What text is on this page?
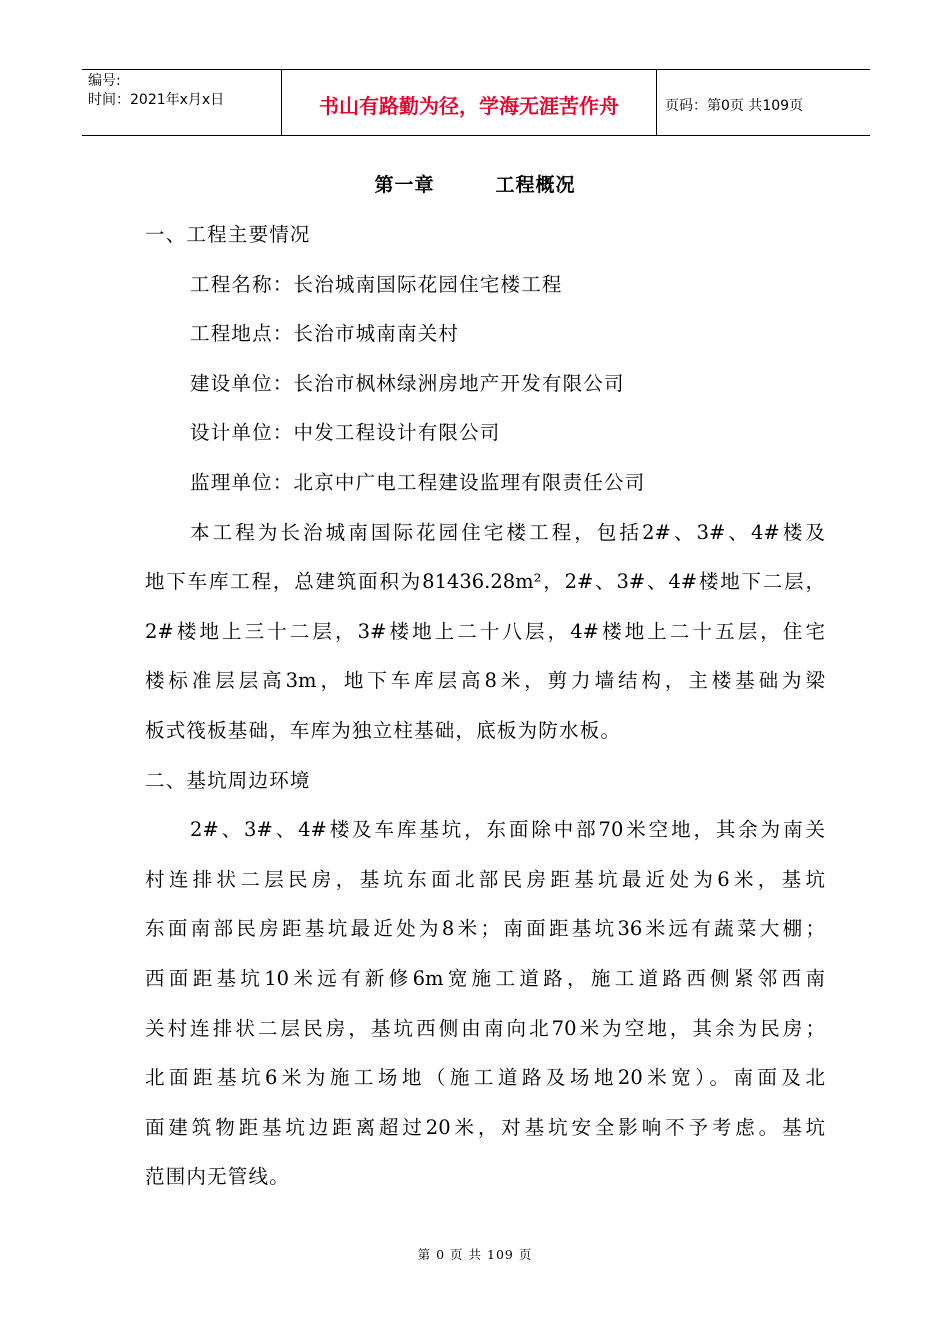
编号:
时间：2021年x月x日	书山有路勤为径，学海无涯苦作舟	页码：第0页 共109页
第一章        工程概况
一、工程主要情况
工程名称：长治城南国际花园住宅楼工程
工程地点：长治市城南南关村
建设单位：长治市枫林绿洲房地产开发有限公司
设计单位：中发工程设计有限公司
监理单位：北京中广电工程建设监理有限责任公司
本工程为长治城南国际花园住宅楼工程，包括2#、3#、4#楼及
地下车库工程，总建筑面积为81436.28m²，2#、3#、4#楼地下二层，
2#楼地上三十二层，3#楼地上二十八层，4#楼地上二十五层，住宅
楼标准层层高3m，地下车库层高8米，剪力墙结构，主楼基础为梁
板式筏板基础，车库为独立柱基础，底板为防水板。
二、基坑周边环境
2#、3#、4#楼及车库基坑，东面除中部70米空地，其余为南关
村连排状二层民房，基坑东面北部民房距基坑最近处为6米，基坑
东面南部民房距基坑最近处为8米；南面距基坑36米远有蔬菜大棚；
西面距基坑10米远有新修6m宽施工道路，施工道路西侧紧邻西南
关村连排状二层民房，基坑西侧由南向北70米为空地，其余为民房；
北面距基坑6米为施工场地（施工道路及场地20米宽）。南面及北
面建筑物距基坑边距离超过20米，对基坑安全影响不予考虑。基坑
范围内无管线。
第 0 页 共 109 页
